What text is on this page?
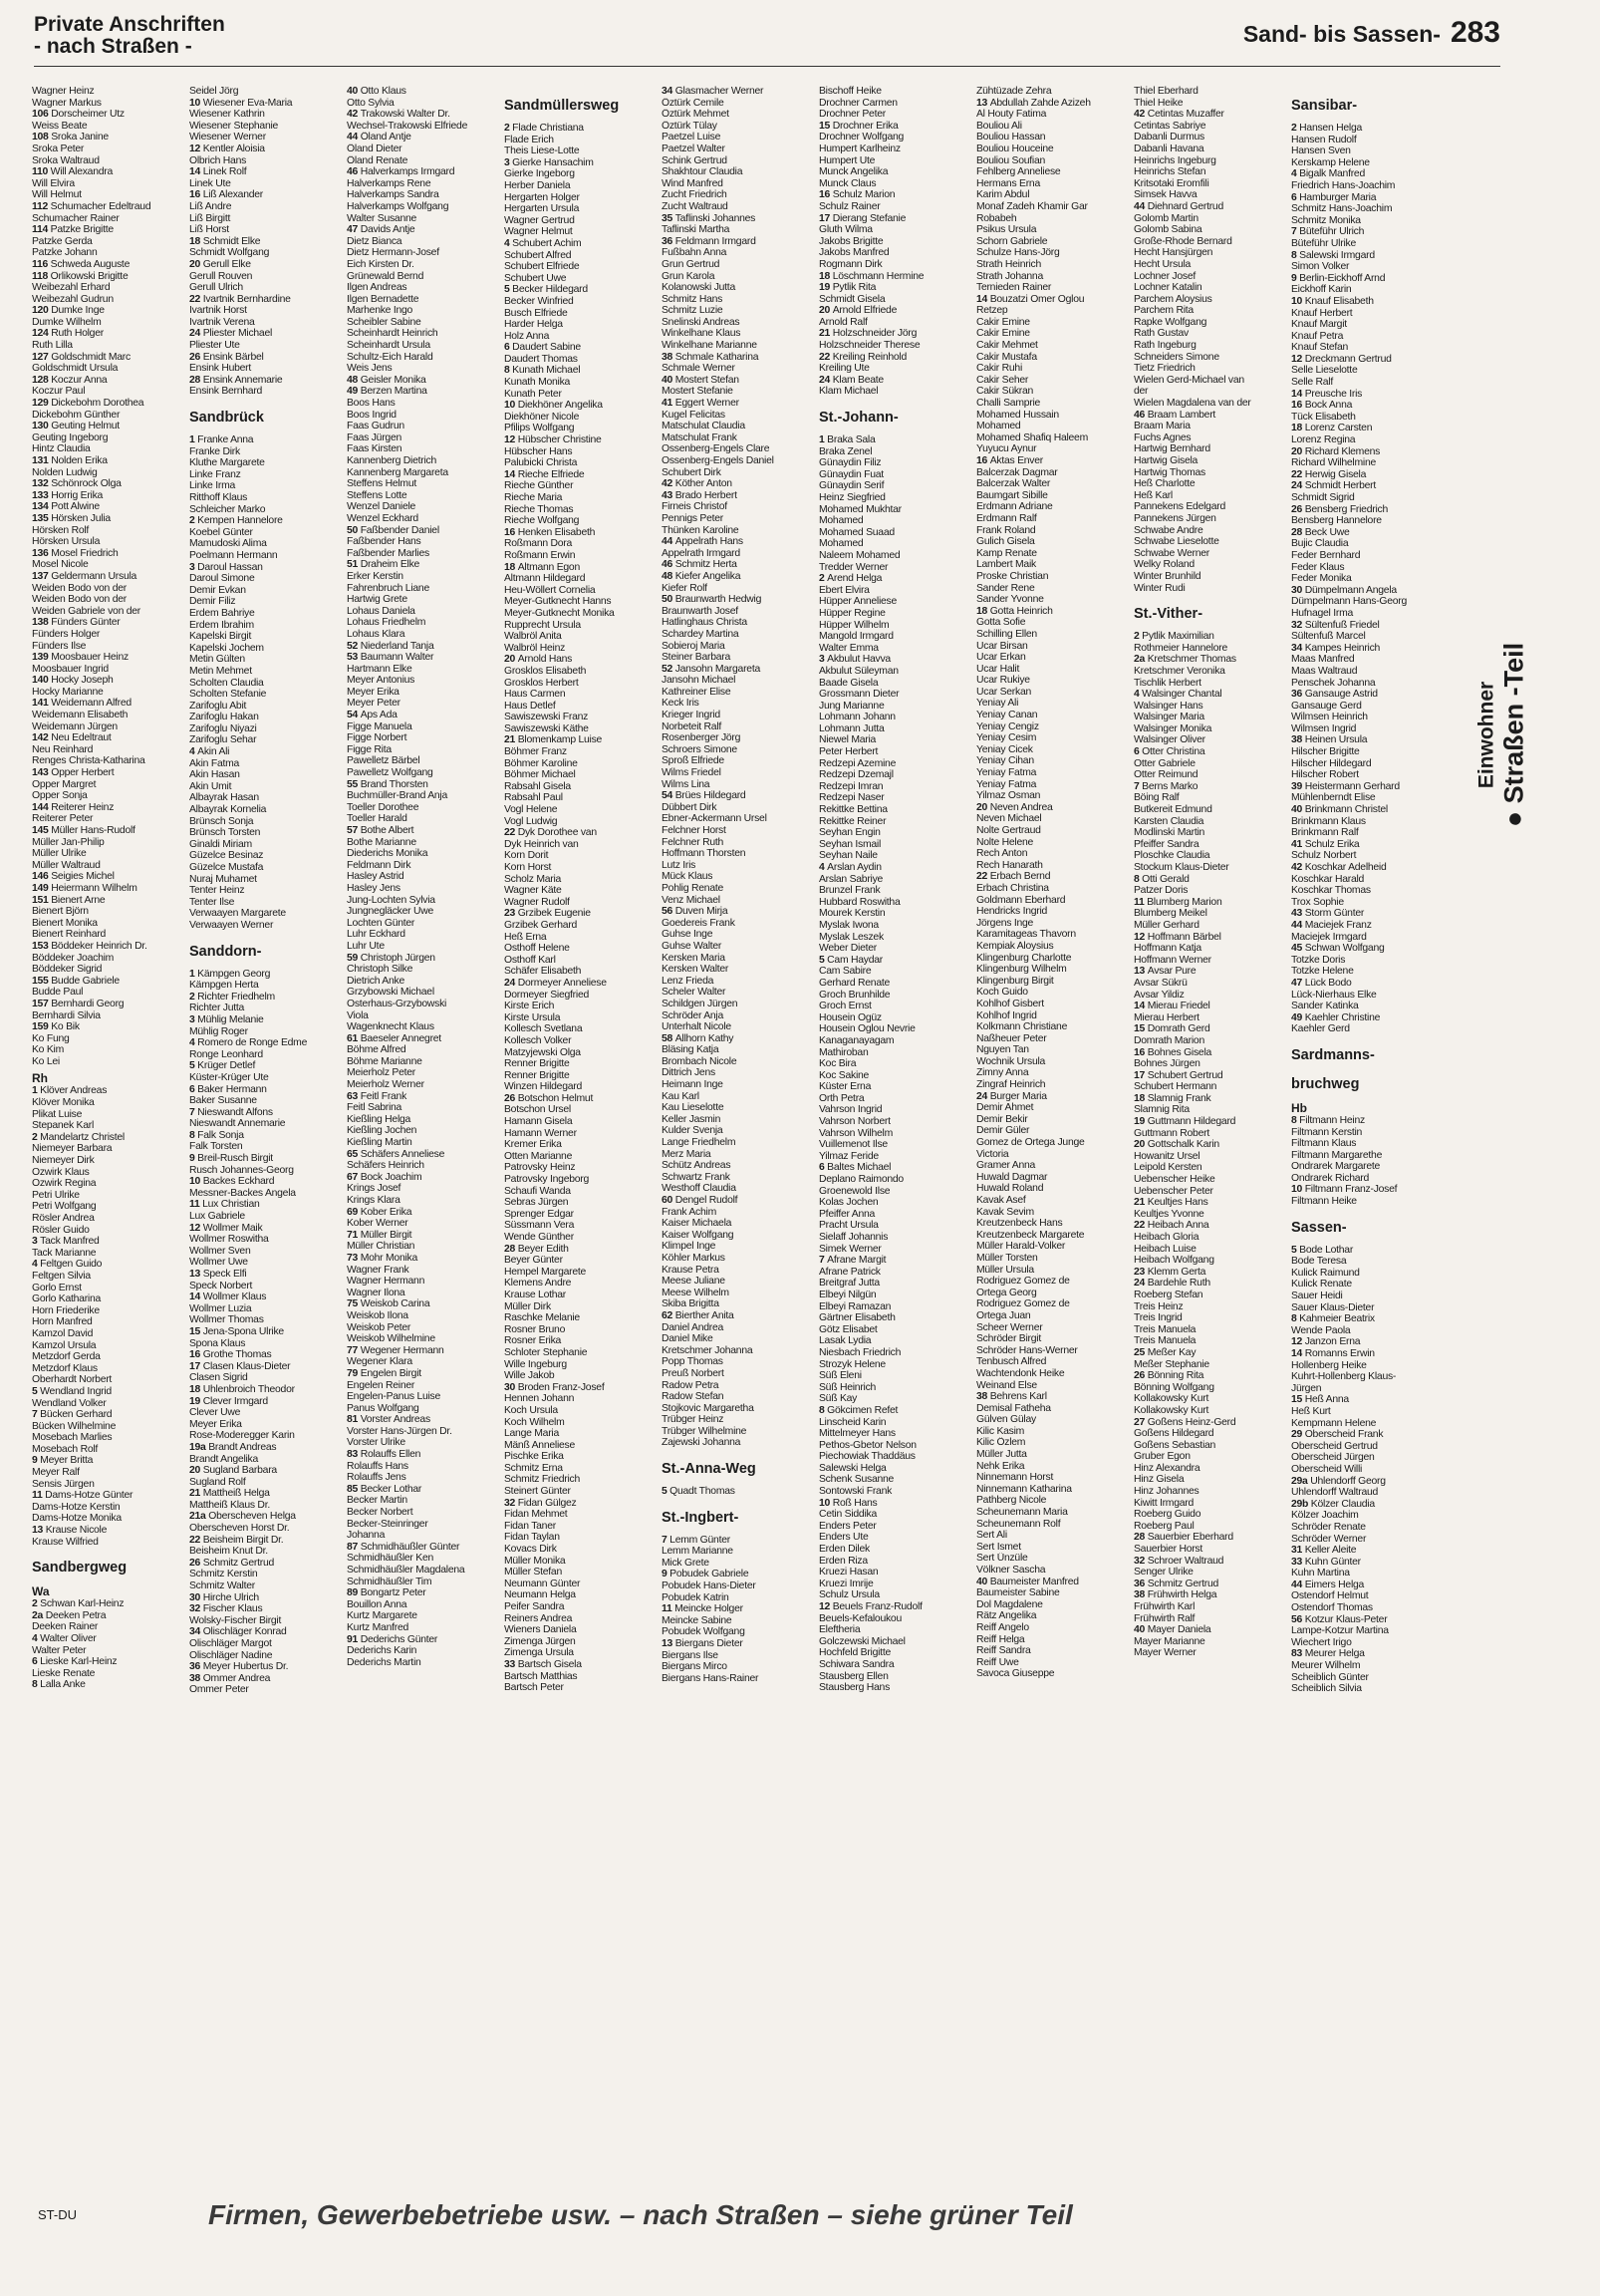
Private Anschriften
- nach Straßen -	Sand- bis Sassen- 283
Wagner Heinz
Wagner Markus
106 Dorscheimer Utz
Weiss Beate
108 Sroka Janine
Sroka Peter
Sroka Waltraud
110 Will Alexandra
Will Elvira
Will Helmut
112 Schumacher Edeltraud
Schumacher Rainer
114 Patzke Brigitte
Patzke Gerda
Patzke Johann
116 Schweda Auguste
118 Orlikowski Brigitte
Weibezahl Erhard
Weibezahl Gudrun
120 Dumke Inge
Dumke Wilhelm
124 Ruth Holger
Ruth Lilla
127 Goldschmidt Marc
Goldschmidt Ursula
128 Koczur Anna
Koczur Paul
129 Dickebohm Dorothea
Dickebohm Günther
130 Geuting Helmut
Geuting Ingeborg
Hintz Claudia
131 Nolden Erika
Nolden Ludwig
132 Schönrock Olga
133 Horrig Erika
134 Pott Alwine
135 Hörsken Julia
Hörsken Rolf
Hörsken Ursula
136 Mosel Friedrich
Mosel Nicole
137 Geldermann Ursula
Weiden Bodo von der
Weiden Bodo von der
Weiden Gabriele von der
138 Fünders Günter
Fünders Holger
Fünders Ilse
139 Moosbauer Heinz
Moosbauer Ingrid
140 Hocky Joseph
Hocky Marianne
141 Weidemann Alfred
Weidemann Elisabeth
Weidemann Jürgen
142 Neu Edeltraut
Neu Reinhard
Renges Christa-Katharina
143 Opper Herbert
Opper Margret
Opper Sonja
144 Reiterer Heinz
Reiterer Peter
145 Müller Hans-Rudolf
Müller Jan-Philip
Müller Ulrike
Müller Waltraud
146 Seigies Michel
149 Heiermann Wilhelm
151 Bienert Arne
Bienert Björn
Bienert Monika
Bienert Reinhard
153 Böddeker Heinrich Dr.
Böddeker Joachim
Böddeker Sigrid
155 Budde Gabriele
Budde Paul
157 Bernhardi Georg
Bernhardi Silvia
159 Ko Bik
Ko Fung
Ko Kim
Ko Lei
Rh
1 Klöver Andreas
Klöver Monika
Plikat Luise
Stepanek Karl
2 Mandelartz Christel
Niemeyer Barbara
Niemeyer Dirk
Ozwirk Klaus
Ozwirk Regina
Petri Ulrike
Petri Wolfgang
Rösler Andrea
Rösler Guido
3 Tack Manfred
Tack Marianne
4 Feltgen Guido
Feltgen Silvia
Gorlo Ernst
Gorlo Katharina
Horn Friederike
Horn Manfred
Kamzol David
Kamzol Ursula
Metzdorf Gerda
Metzdorf Klaus
Oberhardt Norbert
5 Wendland Ingrid
Wendland Volker
7 Bücken Gerhard
Bücken Wilhelmine
Mosebach Marlies
Mosebach Rolf
9 Meyer Britta
Meyer Ralf
Sensis Jürgen
11 Dams-Hotze Günter
Dams-Hotze Kerstin
Dams-Hotze Monika
13 Krause Nicole
Krause Wilfried
Sandbergweg
Wa
2 Schwan Karl-Heinz
2a Deeken Petra
Deeken Rainer
4 Walter Oliver
Walter Peter
6 Lieske Karl-Heinz
Lieske Renate
8 Lalla Anke
Seidel Jörg
10 Wiesener Eva-Maria
Wiesener Kathrin
Wiesener Stephanie
Wiesener Werner
12 Kentler Aloisia
Olbrich Hans
14 Linek Rolf
Linek Ute
16 Liß Alexander
Liß Andre
Liß Birgitt
Liß Horst
18 Schmidt Elke
Schmidt Wolfgang
20 Gerull Elke
Gerull Rouven
Gerull Ulrich
22 Ivartnik Bernhardine
Ivartnik Horst
Ivartnik Verena
24 Pliester Michael
Pliester Ute
26 Ensink Bärbel
Ensink Hubert
28 Ensink Annemarie
Ensink Bernhard
Sandbrück
1 Franke Anna
Franke Dirk
Kluthe Margarete
Linke Franz
Linke Irma
Ritthoff Klaus
Schleicher Marko
2 Kempen Hannelore
Koebel Günter
Mamudoski Alima
Poelmann Hermann
3 Daroul Hassan
Daroul Simone
Demir Evkan
Demir Filiz
Erdem Bahriye
Erdem Ibrahim
Kapelski Birgit
Kapelski Jochem
Metin Gülten
Metin Mehmet
Scholten Claudia
Scholten Stefanie
Zarifoglu Abit
Zarifoglu Hakan
Zarifoglu Niyazi
Zarifoglu Sehar
4 Akin Ali
Akin Fatma
Akin Hasan
Akin Umit
Albayrak Hasan
Albayrak Kornelia
Brünsch Sonja
Brünsch Torsten
Ginaldi Miriam
Güzelce Besinaz
Güzelce Mustafa
Nuraj Muhamet
Tenter Heinz
Tenter Ilse
Verwaayen Margarete
Verwaayen Werner
Sanddorn-
1 Kämpgen Georg
Kämpgen Herta
2 Richter Friedhelm
Richter Jutta
3 Mühlig Melanie
Mühlig Roger
4 Romero de Ronge Edme
Ronge Leonhard
5 Krüger Detlef
Küster-Krüger Ute
6 Baker Hermann
Baker Susanne
7 Nieswandt Alfons
Nieswandt Annemarie
8 Falk Sonja
Falk Torsten
9 Breil-Rusch Birgit
Rusch Johannes-Georg
10 Backes Eckhard
Messner-Backes Angela
11 Lux Christian
Lux Gabriele
12 Wollmer Maik
Wollmer Roswitha
Wollmer Sven
Wollmer Uwe
13 Speck Elfi
Speck Norbert
14 Wollmer Klaus
Wollmer Luzia
Wollmer Thomas
15 Jena-Spona Ulrike
Spona Klaus
16 Grothe Thomas
17 Clasen Klaus-Dieter
Clasen Sigrid
18 Uhlenbroich Theodor
19 Clever Irmgard
Clever Uwe
Meyer Erika
Rose-Moderegger Karin
19a Brandt Andreas
Brandt Angelika
20 Sugland Barbara
Sugland Rolf
21 Mattheiß Helga
Mattheiß Klaus Dr.
21a Oberscheven Helga
Oberscheven Horst Dr.
22 Beisheim Birgit Dr.
Beisheim Knut Dr.
26 Schmitz Gertrud
Schmitz Kerstin
Schmitz Walter
30 Hirche Ulrich
32 Fischer Klaus
Wolsky-Fischer Birgit
34 Olischläger Konrad
Olischläger Margot
Olischläger Nadine
36 Meyer Hubertus Dr.
38 Ommer Andrea
Ommer Peter
40 Otto Klaus
Otto Sylvia
42 Trakowski Walter Dr.
Wechsel-Trakowski Elfriede
44 Öland Antje
Öland Dieter
Öland Renate
46 Halverkamps Irmgard
Halverkamps Rene
Halverkamps Sandra
Halverkamps Wolfgang
Walter Susanne
47 Davids Antje
Dietz Bianca
Dietz Hermann-Josef
Eich Kirsten Dr.
Grünewald Bernd
Ilgen Andreas
Ilgen Bernadette
Marhenke Ingo
Scheibler Sabine
Scheinhardt Heinrich
Scheinhardt Ursula
Schultz-Eich Harald
Weis Jens
48 Geisler Monika
49 Berzen Martina
Boos Hans
Boos Ingrid
Faas Gudrun
Faas Jürgen
Faas Kirsten
Kannenberg Dietrich
Kannenberg Margareta
Steffens Helmut
Steffens Lotte
Wenzel Daniele
Wenzel Eckhard
50 Faßbender Daniel
Faßbender Hans
Faßbender Marlies
51 Draheim Elke
Erker Kerstin
Fahrenbruch Liane
Hartwig Grete
Lohaus Daniela
Lohaus Friedhelm
Lohaus Klara
52 Niederland Tanja
53 Baumann Walter
Hartmann Elke
Meyer Antonius
Meyer Erika
Meyer Peter
54 Aps Ada
Figge Manuela
Figge Norbert
Figge Rita
Pawelletz Bärbel
Pawelletz Wolfgang
55 Brand Thorsten
Buchmüller-Brand Anja
Toeller Dorothee
Toeller Harald
57 Bothe Albert
Bothe Marianne
Diederichs Monika
Feldmann Dirk
Hasley Astrid
Hasley Jens
Jung-Lochten Sylvia
Jungnegläcker Uwe
Lochten Günter
Luhr Eckhard
Luhr Ute
59 Christoph Jürgen
Christoph Silke
Dietrich Anke
Grzybowski Michael
Osterhaus-Grzybowski
Viola
Wagenknecht Klaus
61 Baeseler Annegret
Böhme Alfred
Böhme Marianne
Meierholz Peter
Meierholz Werner
63 Feitl Frank
Feitl Sabrina
Kießling Helga
Kießling Jochen
Kießling Martin
65 Schäfers Anneliese
Schäfers Heinrich
67 Bock Joachim
Krings Josef
Krings Klara
69 Kober Erika
Kober Werner
71 Müller Birgit
Müller Christian
73 Mohr Monika
Wagner Frank
Wagner Hermann
Wagner Ilona
75 Weiskob Carina
Weiskob Ilona
Weiskob Peter
Weiskob Wilhelmine
77 Wegener Hermann
Wegener Klara
79 Engelen Birgit
Engelen Reiner
Engelen-Panus Luise
Panus Wolfgang
81 Vorster Andreas
Vorster Hans-Jürgen Dr.
Vorster Ulrike
83 Rolauffs Ellen
Rolauffs Hans
Rolauffs Jens
85 Becker Lothar
Becker Martin
Becker Norbert
Becker-Steinringer
Johanna
87 Schmidhäußler Günter
Schmidhäußler Ken
Schmidhäußler Magdalena
Schmidhäußler Tim
89 Bongartz Peter
Bouillon Anna
Kurtz Margarete
Kurtz Manfred
91 Dederichs Günter
Dederichs Karin
Dederichs Martin
Sandmüllersweg
2 Flade Christiana
Flade Erich
Theis Liese-Lotte
3 Gierke Hansachim
Gierke Ingeborg
Herber Daniela
Hergarten Holger
Hergarten Ursula
Wagner Gertrud
Wagner Helmut
4 Schubert Achim
Schubert Alfred
Schubert Elfriede
Schubert Uwe
5 Becker Hildegard
Becker Winfried
Busch Elfriede
Harder Helga
Holz Anna
6 Daudert Sabine
Daudert Thomas
8 Kunath Michael
Kunath Monika
Kunath Peter
10 Diekhöner Angelika
Diekhöner Nicole
Pfilips Wolfgang
12 Hübscher Christine
Hübscher Hans
Palubicki Christa
14 Rieche Elfriede
Rieche Günther
Rieche Maria
Rieche Thomas
Rieche Wolfgang
16 Henken Elisabeth
Roßmann Dora
Roßmann Erwin
18 Altmann Egon
Altmann Hildegard
Heu-Wöllert Cornelia
Meyer-Gutknecht Hanns
Meyer-Gutknecht Monika
Rupprecht Ursula
Walbröl Anita
Walbröl Heinz
20 Arnold Hans
Grosklos Elisabeth
Grosklos Herbert
Haus Carmen
Haus Detlef
Sawiszewski Franz
Sawiszewski Käthe
21 Blomenkamp Luise
Böhmer Franz
Böhmer Karoline
Böhmer Michael
Rabsahl Gisela
Rabsahl Paul
Vogl Helene
Vogl Ludwig
22 Dyk Dorothee van
Dyk Heinrich van
Korn Dorit
Korn Horst
Scholz Maria
Wagner Käte
Wagner Rudolf
23 Grzibek Eugenie
Grzibek Gerhard
Heß Erna
Osthoff Helene
Osthoff Karl
Schäfer Elisabeth
24 Dormeyer Anneliese
Dormeyer Siegfried
Kirste Erich
Kirste Ursula
Kollesch Svetlana
Kollesch Volker
Matzyjewski Olga
Renner Brigitte
Renner Brigitte
Winzen Hildegard
26 Botschon Helmut
Botschon Ursel
Hamann Gisela
Hamann Werner
Kremer Erika
Otten Marianne
Patrovsky Heinz
Patrovsky Ingeborg
Schaufi Wanda
Sebras Jürgen
Sprenger Edgar
Süssmann Vera
Wende Günther
28 Beyer Edith
Beyer Günter
Hempel Margarete
Klemens Andre
Krause Lothar
Müller Dirk
Raschke Melanie
Rosner Bruno
Rosner Erika
Schloter Stephanie
Wille Ingeburg
Wille Jakob
30 Broden Franz-Josef
Hennen Johann
Koch Ursula
Koch Wilhelm
Lange Maria
Mänß Anneliese
Pischke Erika
Schmitz Erna
Schmitz Friedrich
Steinert Günter
32 Fidan Gülgez
Fidan Mehmet
Fidan Taner
Fidan Taylan
Kovacs Dirk
Müller Monika
Müller Stefan
Neumann Günter
Neumann Helga
Peifer Sandra
Reiners Andrea
Wieners Daniela
Zimenga Jürgen
Zimenga Ursula
33 Bartsch Gisela
Bartsch Matthias
Bartsch Peter
34 Glasmacher Werner
Öztürk Cemile
Öztürk Mehmet
Öztürk Tülay
Paetzel Luise
Paetzel Walter
Schink Gertrud
Shakhtour Claudia
Wind Manfred
Zucht Friedrich
Zucht Waltraud
35 Taflinski Johannes
Taflinski Martha
36 Feldmann Irmgard
Fußbahn Anna
Grun Gertrud
Grun Karola
Kolanowski Jutta
Schmitz Hans
Schmitz Luzie
Snelinski Andreas
Winkelhane Klaus
Winkelhane Marianne
38 Schmale Katharina
Schmale Werner
40 Mostert Stefan
Mostert Stefanie
41 Eggert Werner
Kugel Felicitas
Matschulat Claudia
Matschulat Frank
Ossenberg-Engels Clare
Ossenberg-Engels Daniel
Schubert Dirk
42 Köther Anton
43 Brado Herbert
Firneis Christof
Pennigs Peter
Thünken Karoline
44 Appelrath Hans
Appelrath Irmgard
46 Schmitz Herta
48 Kiefer Angelika
Kiefer Rolf
50 Braunwarth Hedwig
Braunwarth Josef
Hatlinghaus Christa
Schardey Martina
Sobieroj Maria
Steiner Barbara
52 Jansohn Margareta
Jansohn Michael
Kathreiner Elise
Keck Iris
Krieger Ingrid
Norbeteit Ralf
Rosenberger Jörg
Schroers Simone
Sproß Elfriede
Wilms Friedel
Wilms Lina
54 Brües Hildegard
Dübbert Dirk
Ebner-Ackermann Ursel
Felchner Horst
Felchner Ruth
Hoffmann Thorsten
Lutz Iris
Mück Klaus
Pohlig Renate
Venz Michael
56 Duven Mirja
Goedereis Frank
Guhse Inge
Guhse Walter
Kersken Maria
Kersken Walter
Lenz Frieda
Scheler Walter
Schildgen Jürgen
Schröder Anja
Unterhalt Nicole
58 Allhorn Kathy
Bläsing Katja
Brombach Nicole
Dittrich Jens
Heimann Inge
Kau Karl
Kau Lieselotte
Keller Jasmin
Kulder Svenja
Lange Friedhelm
Merz Maria
Schütz Andreas
Schwartz Frank
Westhoff Claudia
60 Dengel Rudolf
Frank Achim
Kaiser Michaela
Kaiser Wolfgang
Klimpel Inge
Köhler Markus
Krause Petra
Meese Juliane
Meese Wilhelm
Skiba Brigitta
62 Bierther Anita
Daniel Andrea
Daniel Mike
Kretschmer Johanna
Popp Thomas
Preuß Norbert
Radow Petra
Radow Stefan
Stojkovic Margaretha
Trübger Heinz
Trübger Wilhelmine
Zajewski Johanna
St.-Anna-Weg
5 Quadt Thomas
St.-Ingbert-
7 Lemm Günter
Lemm Marianne
Mick Grete
9 Pobudek Gabriele
Pobudek Hans-Dieter
Pobudek Katrin
11 Meincke Holger
Meincke Sabine
Pobudek Wolfgang
13 Biergans Dieter
Biergans Ilse
Biergans Mirco
Biergans Hans-Rainer
Bischoff Heike
Drochner Carmen
Drochner Peter
15 Drochner Erika
Drochner Wolfgang
Humpert Karlheinz
Humpert Ute
Munck Angelika
Munck Claus
16 Schulz Marion
Schulz Rainer
17 Dierang Stefanie
Gluth Wilma
Jakobs Brigitte
Jakobs Manfred
Rogmann Dirk
18 Löschmann Hermine
19 Pytlik Rita
Schmidt Gisela
20 Arnold Elfriede
Arnold Ralf
21 Holzschneider Jörg
Holzschneider Therese
22 Kreiling Reinhold
Kreiling Ute
24 Klam Beate
Klam Michael
St.-Johann-
1 Braka Sala
Braka Zenel
Günaydin Filiz
Günaydin Fuat
Günaydin Serif
Heinz Siegfried
Mohamed Mukhtar
Mohamed
Mohamed Suaad
Mohamed
Naleem Mohamed
Tredder Werner
2 Arend Helga
Ebert Elvira
Hüpper Anneliese
Hüpper Regine
Hüpper Wilhelm
Mangold Irmgard
Walter Emma
3 Akbulut Havva
Akbulut Süleyman
Baade Gisela
Grossmann Dieter
Jung Marianne
Lohmann Johann
Lohmann Jutta
Niewel Maria
Peter Herbert
Redzepi Azemine
Redzepi Dzemajl
Redzepi Imran
Redzepi Naser
Rekittke Bettina
Rekittke Reiner
Seyhan Engin
Seyhan Ismail
Seyhan Naile
4 Arslan Aydin
Arslan Sabriye
Brunzel Frank
Hubbard Roswitha
Mourek Kerstin
Myslak Iwona
Myslak Leszek
Weber Dieter
5 Cam Haydar
Cam Sabire
Gerhard Renate
Groch Brunhilde
Groch Ernst
Housein Ogüz
Housein Oglou Nevrie
Kanaganayagam
Mathiroban
Koc Bira
Koc Sakine
Küster Erna
Orth Petra
Vahrson Ingrid
Vahrson Norbert
Vahrson Wilhelm
Vuillemenot Ilse
Yilmaz Feride
6 Baltes Michael
Deplano Raimondo
Groenewold Ilse
Kolas Jochen
Pfeiffer Anna
Pracht Ursula
Sielaff Johannis
Simek Werner
7 Afrane Margit
Afrane Patrick
Breitgraf Jutta
Elbeyi Nilgün
Elbeyi Ramazan
Gärtner Elisabeth
Götz Elisabet
Lasak Lydia
Niesbach Friedrich
Strozyk Helene
Süß Eleni
Süß Heinrich
Süß Kay
8 Gökcimen Refet
Linscheid Karin
Mittelmeyer Hans
Pethos-Gbetor Nelson
Piechowiak Thaddäus
Salewski Helga
Schenk Susanne
Sontowski Frank
10 Roß Hans
Cetin Siddika
Enders Peter
Enders Ute
Erden Dilek
Erden Riza
Kruezi Hasan
Kruezi Imrije
Schulz Ursula
12 Beuels Franz-Rudolf
Beuels-Kefaloukou
Eleftheria
Golczewski Michael
Hochfeld Brigitte
Schiwara Sandra
Stausberg Ellen
Stausberg Hans
Zühtüzade Zehra
13 Abdullah Zahde Azizeh
Al Houty Fatima
Bouliou Ali
Bouliou Hassan
Bouliou Houceine
Bouliou Soufian
Fehlberg Anneliese
Hermans Erna
Karim Abdul
Monaf Zadeh Khamir Gar
Robabeh
Psikus Ursula
Schorn Gabriele
Schulze Hans-Jörg
Strath Heinrich
Strath Johanna
Ternieden Rainer
14 Bouzatzi Omer Oglou
Retzep
Cakir Emine
Cakir Emine
Cakir Mehmet
Cakir Mustafa
Cakir Ruhi
Cakir Seher
Cakir Sükran
Challi Samprie
Mohamed Hussain
Mohamed
Mohamed Shafiq Haleem
Yuyucu Aynur
16 Aktas Enver
Balcerzak Dagmar
Balcerzak Walter
Baumgart Sibille
Erdmann Adriane
Erdmann Ralf
Frank Roland
Gulich Gisela
Kamp Renate
Lambert Maik
Proske Christian
Sander Rene
Sander Yvonne
18 Gotta Heinrich
Gotta Sofie
Schilling Ellen
Ucar Birsan
Ucar Erkan
Ucar Halit
Ucar Rukiye
Ucar Serkan
Yeniay Ali
Yeniay Canan
Yeniay Cengiz
Yeniay Cesim
Yeniay Cicek
Yeniay Cihan
Yeniay Fatma
Yeniay Fatma
Yilmaz Osman
20 Neven Andrea
Neven Michael
Nolte Gertraud
Nolte Helene
Rech Anton
Rech Hanarath
22 Erbach Bernd
Erbach Christina
Goldmann Eberhard
Hendricks Ingrid
Jörgens Inge
Karamitageas Thavorn
Kempiak Aloysius
Klingenburg Charlotte
Klingenburg Wilhelm
Klingenburg Birgit
Koch Guido
Kohlhof Gisbert
Kohlhof Ingrid
Kolkmann Christiane
Naßheuer Peter
Nguyen Tan
Wochnik Ursula
Zimny Anna
Zingraf Heinrich
24 Burger Maria
Demir Ahmet
Demir Bekir
Demir Güler
Gomez de Ortega Junge
Victoria
Gramer Anna
Huwald Dagmar
Huwald Roland
Kavak Asef
Kavak Sevim
Kreutzenbeck Hans
Kreutzenbeck Margarete
Müller Harald-Volker
Müller Torsten
Müller Ursula
Rodriguez Gomez de
Ortega Georg
Rodriguez Gomez de
Ortega Juan
Scheer Werner
Schröder Birgit
Schröder Hans-Werner
Tenbusch Alfred
Wachtendonk Heike
Weinand Else
38 Behrens Karl
Demisal Fatheha
Gülven Gülay
Kilic Kasim
Kilic Özlem
Müller Jutta
Nehk Erika
Ninnemann Horst
Ninnemann Katharina
Pathberg Nicole
Scheunemann Maria
Scheunemann Rolf
Sert Ali
Sert Ismet
Sert Ünzüle
Völkner Sascha
40 Baumeister Manfred
Baumeister Sabine
Dol Magdalene
Rätz Angelika
Reiff Angelo
Reiff Helga
Reiff Sandra
Reiff Uwe
Savoca Giuseppe
Thiel Eberhard
Thiel Heike
42 Cetintas Muzaffer
Cetintas Sabriye
Dabanli Durmus
Dabanli Havana
Heinrichs Ingeburg
Heinrichs Stefan
Kritsotaki Eromfili
Simsek Havva
44 Diehnard Gertrud
Golomb Martin
Golomb Sabina
Große-Rhode Bernard
Hecht Hansjürgen
Hecht Ursula
Lochner Josef
Lochner Katalin
Parchem Aloysius
Parchem Rita
Rapke Wolfgang
Rath Gustav
Rath Ingeburg
Schneiders Simone
Tietz Friedrich
Wielen Gerd-Michael van
der
Wielen Magdalena van der
46 Braam Lambert
Braam Maria
Fuchs Agnes
Hartwig Bernhard
Hartwig Gisela
Hartwig Thomas
Heß Charlotte
Heß Karl
Pannekens Edelgard
Pannekens Jürgen
Schwabe Andre
Schwabe Lieselotte
Schwabe Werner
Welky Roland
Winter Brunhild
Winter Rudi
St.-Vither-
2 Pytlik Maximilian
Rothmeier Hannelore
2a Kretschmer Thomas
Kretschmer Veronika
Tischlik Herbert
4 Walsinger Chantal
Walsinger Hans
Walsinger Maria
Walsinger Monika
Walsinger Oliver
6 Otter Christina
Otter Gabriele
Otter Reimund
7 Berns Marko
Böing Ralf
Butkereit Edmund
Karsten Claudia
Modlinski Martin
Pfeiffer Sandra
Ploschke Claudia
Stockum Klaus-Dieter
8 Otti Gerald
Patzer Doris
11 Blumberg Marion
Blumberg Meikel
Müller Gerhard
12 Hoffmann Bärbel
Hoffmann Katja
Hoffmann Werner
13 Avsar Pure
Avsar Sükrü
Avsar Yildiz
14 Mierau Friedel
Mierau Herbert
15 Domrath Gerd
Domrath Marion
16 Bohnes Gisela
Bohnes Jürgen
17 Schubert Gertrud
Schubert Hermann
18 Slamnig Frank
Slamnig Rita
19 Guttmann Hildegard
Guttmann Robert
20 Gottschalk Karin
Howanitz Ursel
Leipold Kersten
Uebenscher Heike
Uebenscher Peter
21 Keultjes Hans
Keultjes Yvonne
22 Heibach Anna
Heibach Gloria
Heibach Luise
Heibach Wolfgang
23 Klemm Gerta
24 Bardehle Ruth
Roeberg Stefan
Treis Heinz
Treis Ingrid
Treis Manuela
Treis Manuela
25 Meßer Kay
Meßer Stephanie
26 Bönning Rita
Bönning Wolfgang
Kollakowsky Kurt
Kollakowsky Kurt
27 Goßens Heinz-Gerd
Goßens Hildegard
Goßens Sebastian
Gruber Egon
Hinz Alexandra
Hinz Gisela
Hinz Johannes
Kiwitt Irmgard
Roeberg Guido
Roeberg Paul
28 Sauerbier Eberhard
Sauerbier Horst
32 Schroer Waltraud
Senger Ulrike
36 Schmitz Gertrud
38 Frühwirth Helga
Frühwirth Karl
Frühwirth Ralf
40 Mayer Daniela
Mayer Marianne
Mayer Werner
Sansibar-
2 Hansen Helga
Hansen Rudolf
Hansen Sven
Kerskamp Helene
4 Bigalk Manfred
Friedrich Hans-Joachim
6 Hamburger Maria
Schmitz Hans-Joachim
Schmitz Monika
7 Büteführ Ulrich
Büteführ Ulrike
8 Salewski Irmgard
Simon Volker
9 Berlin-Eickhoff Arnd
Eickhoff Karin
10 Knauf Elisabeth
Knauf Herbert
Knauf Margit
Knauf Petra
Knauf Stefan
12 Dreckmann Gertrud
Selle Lieselotte
Selle Ralf
14 Preusche Iris
16 Bock Anna
Tück Elisabeth
18 Lorenz Carsten
Lorenz Regina
20 Richard Klemens
Richard Wilhelmine
22 Herwig Gisela
24 Schmidt Herbert
Schmidt Sigrid
26 Bensberg Friedrich
Bensberg Hannelore
28 Beck Uwe
Bujic Claudia
Feder Bernhard
Feder Klaus
Feder Monika
30 Dümpelmann Angela
Dümpelmann Hans-Georg
Hufnagel Irma
32 Sültenfuß Friedel
Sültenfuß Marcel
34 Kampes Heinrich
Maas Manfred
Maas Waltraud
Penschek Johanna
36 Gansauge Astrid
Gansauge Gerd
Wilmsen Heinrich
Wilmsen Ingrid
38 Heinen Ursula
Hilscher Brigitte
Hilscher Hildegard
Hilscher Robert
39 Heistermann Gerhard
Mühlenberndt Elise
40 Brinkmann Christel
Brinkmann Klaus
Brinkmann Ralf
41 Schulz Erika
Schulz Norbert
42 Koschkar Adelheid
Koschkar Harald
Koschkar Thomas
Trox Sophie
43 Storm Günter
44 Maciejek Franz
Maciejek Irmgard
45 Schwan Wolfgang
Totzke Doris
Totzke Helene
47 Lück Bodo
Lück-Nierhaus Elke
Sander Katinka
49 Kaehler Christine
Kaehler Gerd
Sardmanns-
bruchweg
Hb
8 Filtmann Heinz
Filtmann Kerstin
Filtmann Klaus
Filtmann Margarethe
Ondrarek Margarete
Ondrarek Richard
10 Filtmann Franz-Josef
Filtmann Heike
Sassen-
5 Bode Lothar
Bode Teresa
Kulick Raimund
Kulick Renate
Sauer Heidi
Sauer Klaus-Dieter
8 Kahmeier Beatrix
Wende Paola
12 Janzon Erna
14 Romanns Erwin
Hollenberg Heike
Kuhrt-Hollenberg Klaus-
Jürgen
15 Heß Anna
Heß Kurt
Kempmann Helene
29 Oberscheid Frank
Oberscheid Gertrud
Oberscheid Jürgen
Oberscheid Willi
29a Uhlendorff Georg
Uhlendorff Waltraud
29b Kölzer Claudia
Kölzer Joachim
Schröder Renate
Schröder Werner
31 Keller Aleite
33 Kuhn Günter
Kuhn Martina
44 Eimers Helga
Ostendorf Helmut
Ostendorf Thomas
56 Kotzur Klaus-Peter
Lampe-Kotzur Martina
Wiechert Irigo
83 Meurer Helga
Meurer Wilhelm
Scheiblich Günter
Scheiblich Silvia
Einwohner ● Straßen -Teil
ST-DU	Firmen, Gewerbebetriebe usw. – nach Straßen – siehe grüner Teil
